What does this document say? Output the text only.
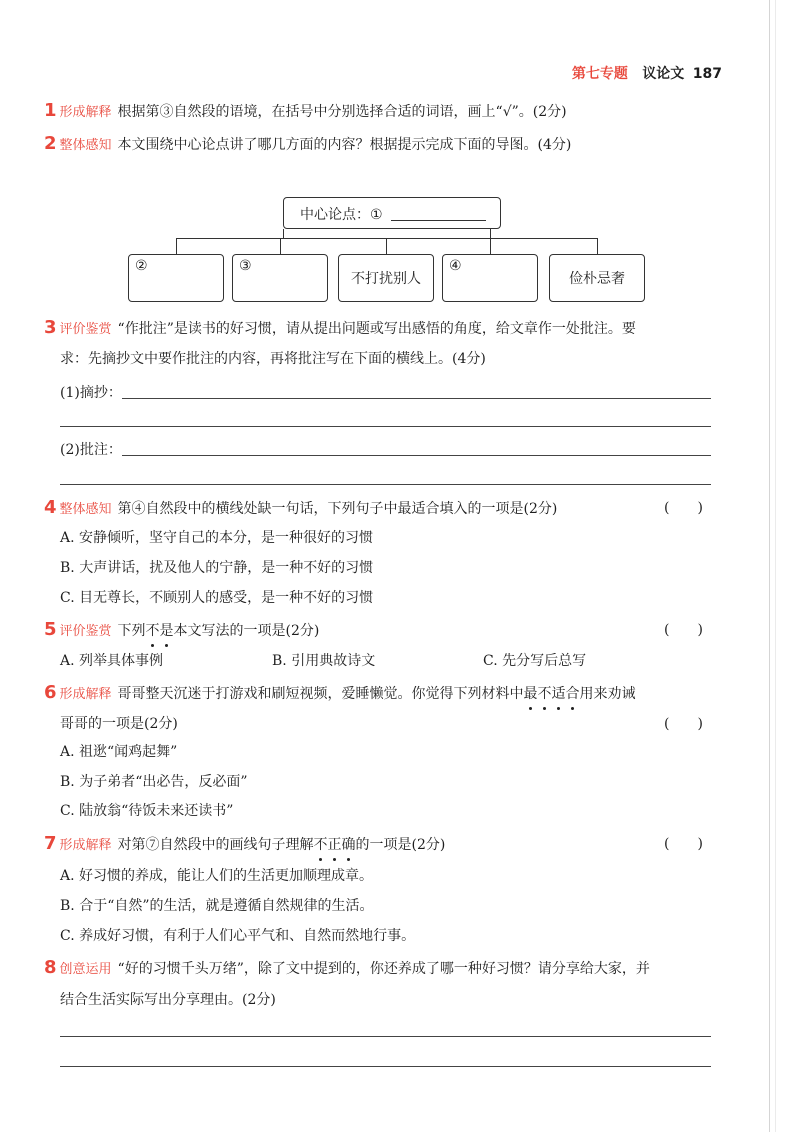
第七专题 议论文 187
1 形成解释 根据第③自然段的语境，在括号中分别选择合适的词语，画上“√”。(2分)
2 整体感知 本文围绕中心论点讲了哪几方面的内容？根据提示完成下面的导图。(4分)
中心论点：①
②	③
不打扰别人
④
俭朴忌奢
3 评价鉴赏 “作批注”是读书的好习惯，请从提出问题或写出感悟的角度，给文章作一处批注。要
求：先摘抄文中要作批注的内容，再将批注写在下面的横线上。(4分)
(1)摘抄：
(2)批注：
4 整体感知 第④自然段中的横线处缺一句话，下列句子中最适合填入的一项是(2分)	(　　)
A. 安静倾听，坚守自己的本分，是一种很好的习惯
B. 大声讲话，扰及他人的宁静，是一种不好的习惯
C. 目无尊长，不顾别人的感受，是一种不好的习惯
5 评价鉴赏 下列不是本文写法的一项是(2分)	(　　)
A. 列举具体事例	B. 引用典故诗文	C. 先分写后总写
6 形成解释 哥哥整天沉迷于打游戏和刷短视频，爱睡懒觉。你觉得下列材料中最不适合用来劝诫
哥哥的一项是(2分)	(　　)
A. 祖逖“闻鸡起舞”
B. 为子弟者“出必告，反必面”
C. 陆放翁“待饭未来还读书”
7 形成解释 对第⑦自然段中的画线句子理解不正确的一项是(2分)	(　　)
A. 好习惯的养成，能让人们的生活更加顺理成章。
B. 合于“自然”的生活，就是遵循自然规律的生活。
C. 养成好习惯，有利于人们心平气和、自然而然地行事。
8 创意运用 “好的习惯千头万绪”，除了文中提到的，你还养成了哪一种好习惯？请分享给大家，并
结合生活实际写出分享理由。(2分)
